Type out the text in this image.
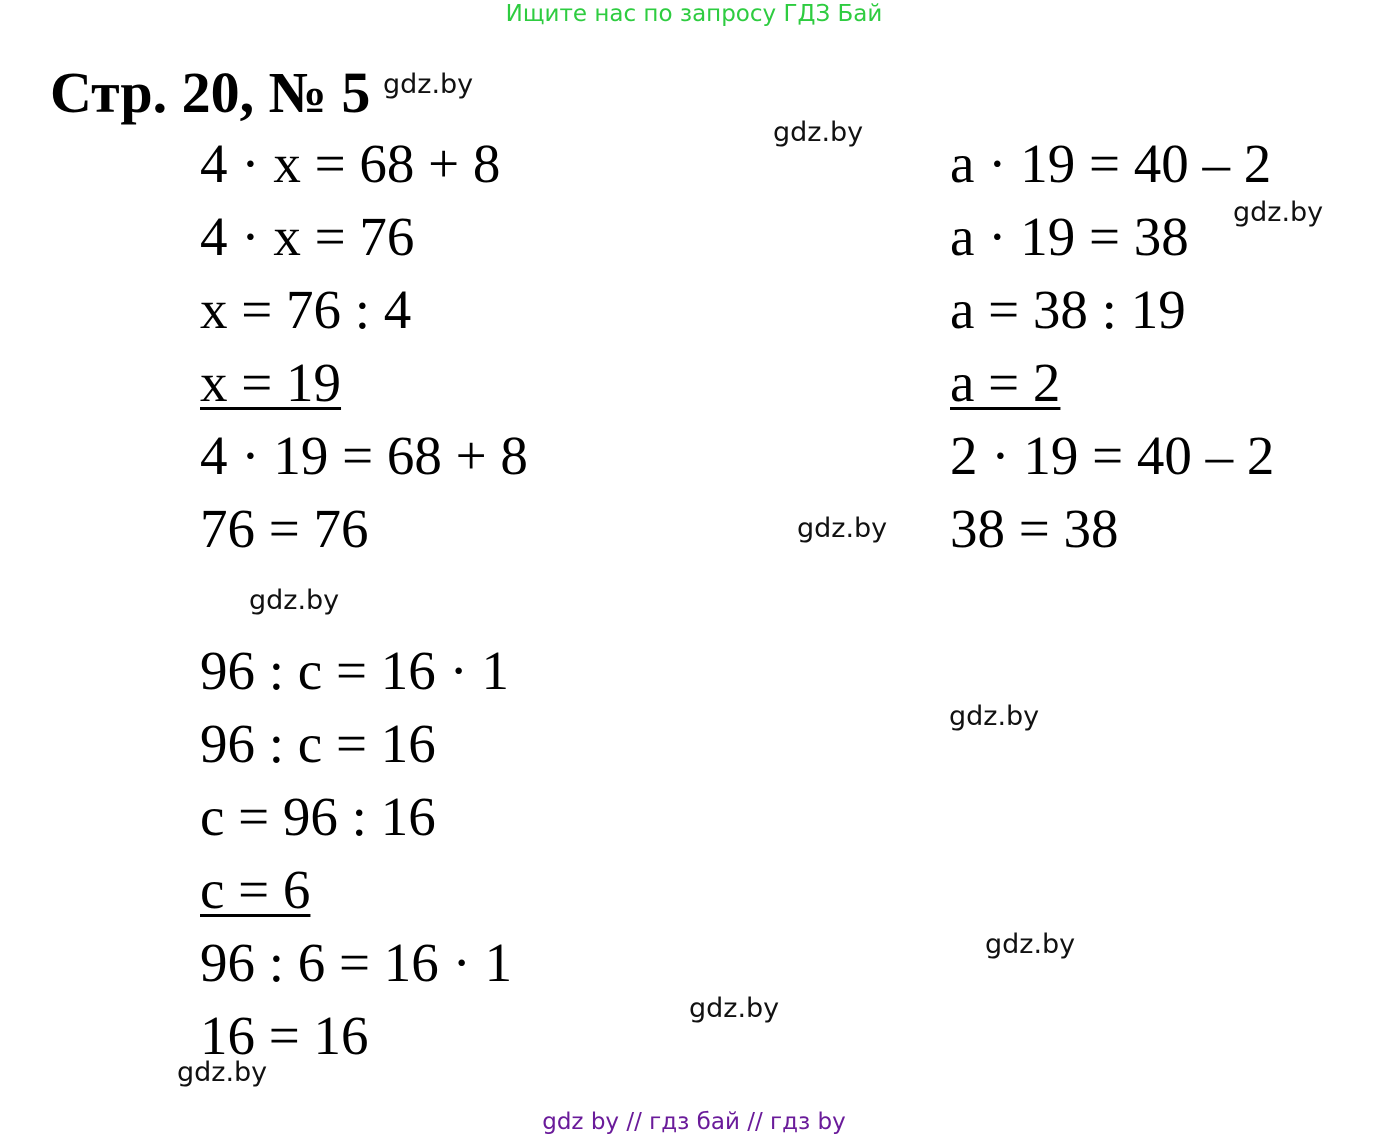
Ищите нас по запросу ГДЗ Бай
Стр. 20, № 5
4 · x = 68 + 8
4 · x = 76
x = 76 : 4
x = 19
4 · 19 = 68 + 8
76 = 76
a · 19 = 40 – 2
a · 19 = 38
a = 38 : 19
a = 2
2 · 19 = 40 – 2
38 = 38
96 : c = 16 · 1
96 : c = 16
c = 96 : 16
c = 6
96 : 6 = 16 · 1
16 = 16
gdz.by
gdz.by
gdz.by
gdz.by
gdz.by
gdz.by
gdz.by
gdz.by
gdz.by
gdz by // гдз бай // гдз by
